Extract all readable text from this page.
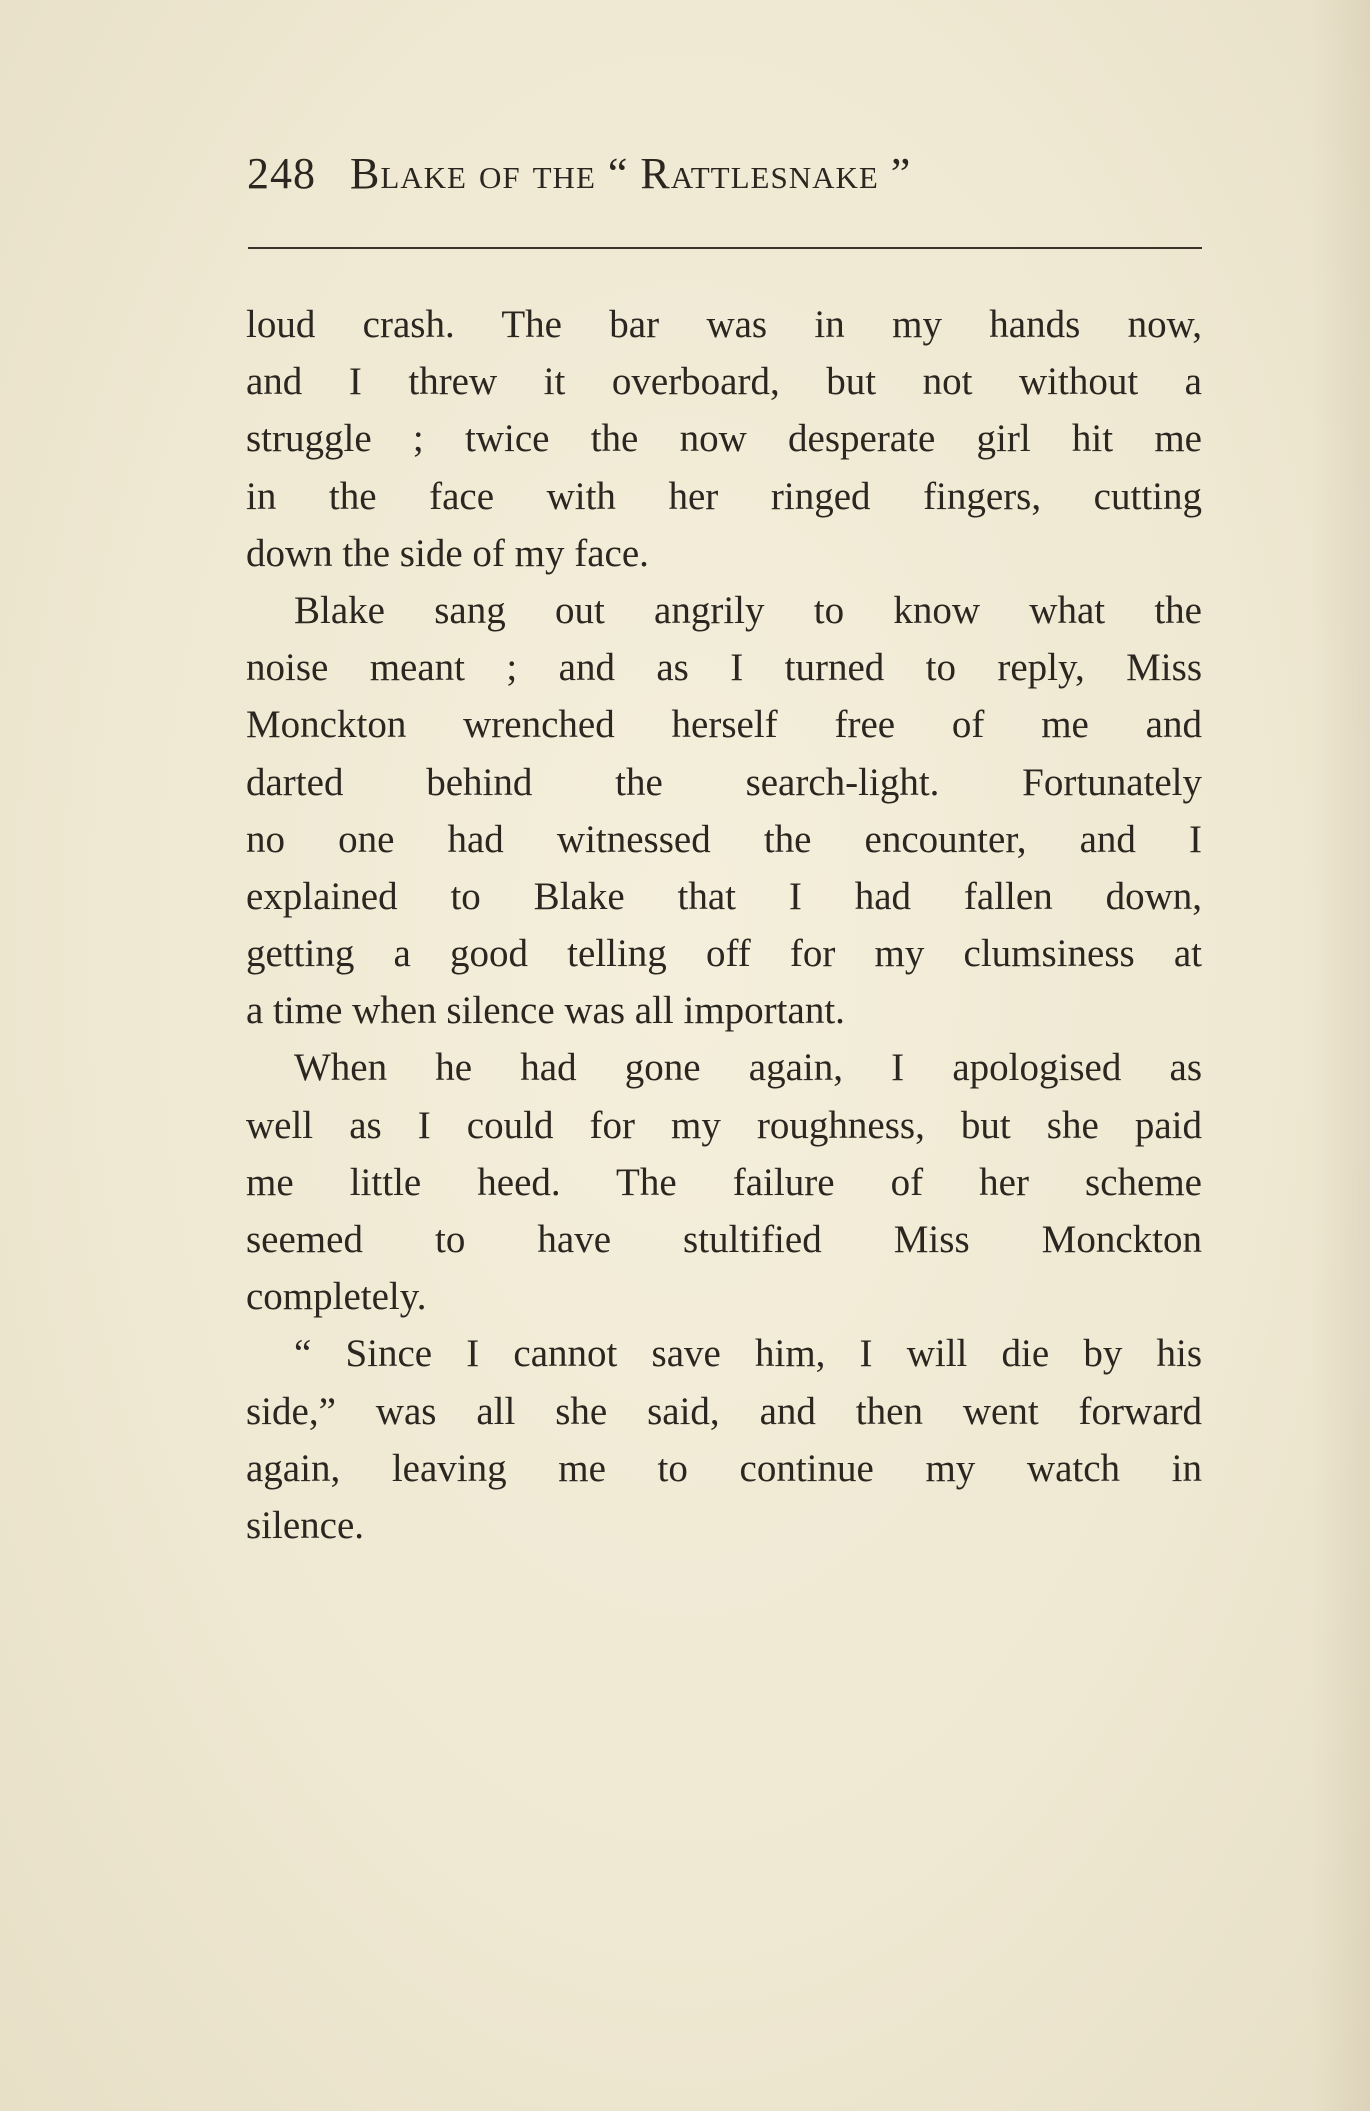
248 Blake of the “ Rattlesnake ”
loud crash. The bar was in my hands now,
and I threw it overboard, but not without a
struggle ; twice the now desperate girl hit me
in the face with her ringed fingers, cutting
down the side of my face.
Blake sang out angrily to know what the
noise meant ; and as I turned to reply, Miss
Monckton wrenched herself free of me and
darted behind the search-light. Fortunately
no one had witnessed the encounter, and I
explained to Blake that I had fallen down,
getting a good telling off for my clumsiness at
a time when silence was all important.
When he had gone again, I apologised as
well as I could for my roughness, but she paid
me little heed. The failure of her scheme
seemed to have stultified Miss Monckton
completely.
“ Since I cannot save him, I will die by his
side,” was all she said, and then went forward
again, leaving me to continue my watch in
silence.
